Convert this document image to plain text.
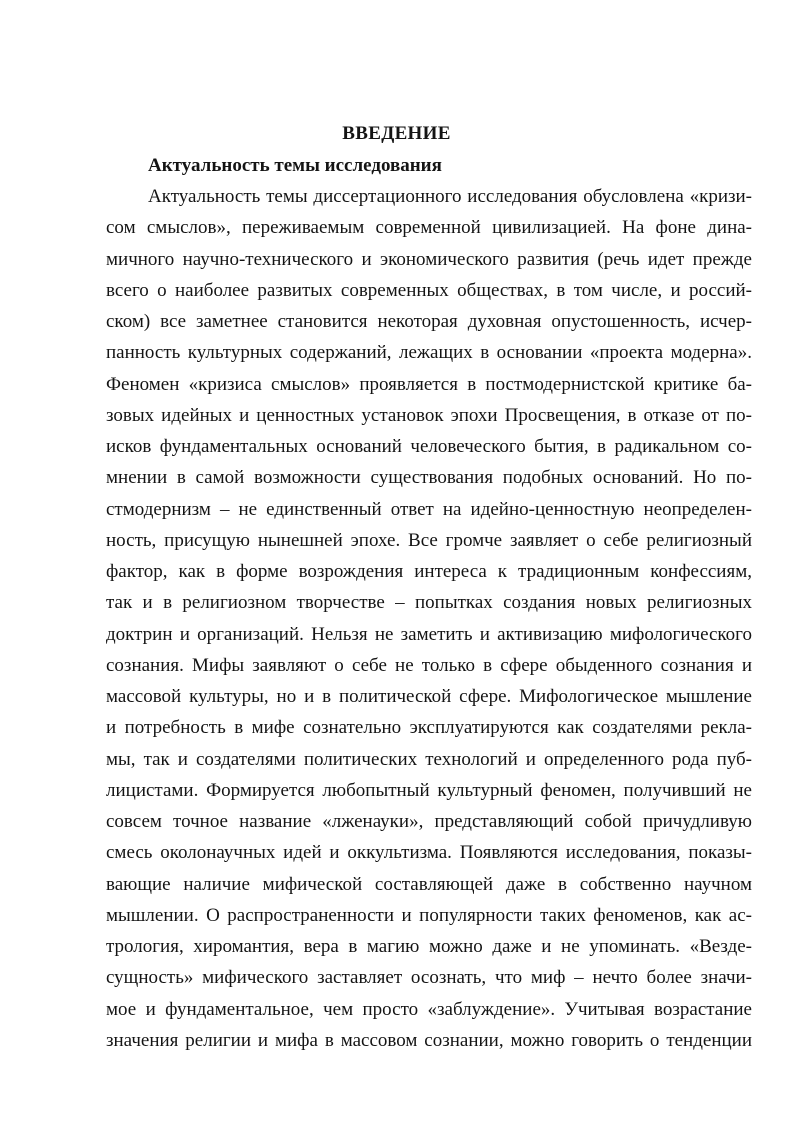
ВВЕДЕНИЕ
Актуальность темы исследования
Актуальность темы диссертационного исследования обусловлена «кризи-
сом смыслов», переживаемым современной цивилизацией. На фоне дина-
мичного научно-технического и экономического развития (речь идет прежде
всего о наиболее развитых современных обществах, в том числе, и россий-
ском) все заметнее становится некоторая духовная опустошенность, исчер-
панность культурных содержаний, лежащих в основании «проекта модерна».
Феномен «кризиса смыслов» проявляется в постмодернистской критике ба-
зовых идейных и ценностных установок эпохи Просвещения, в отказе от по-
исков фундаментальных оснований человеческого бытия, в радикальном со-
мнении в самой возможности существования подобных оснований. Но по-
стмодернизм – не единственный ответ на идейно-ценностную неопределен-
ность, присущую нынешней эпохе. Все громче заявляет о себе религиозный
фактор, как в форме возрождения интереса к традиционным конфессиям,
так и в религиозном творчестве – попытках создания новых религиозных
доктрин и организаций. Нельзя не заметить и активизацию мифологического
сознания. Мифы заявляют о себе не только в сфере обыденного сознания и
массовой культуры, но и в политической сфере. Мифологическое мышление
и потребность в мифе сознательно эксплуатируются как создателями рекла-
мы, так и создателями политических технологий и определенного рода пуб-
лицистами. Формируется любопытный культурный феномен, получивший не
совсем точное название «лженауки», представляющий собой причудливую
смесь околонаучных идей и оккультизма. Появляются исследования, показы-
вающие наличие мифической составляющей даже в собственно научном
мышлении. О распространенности и популярности таких феноменов, как ас-
трология, хиромантия, вера в магию можно даже и не упоминать. «Везде-
сущность» мифического заставляет осознать, что миф – нечто более значи-
мое и фундаментальное, чем просто «заблуждение». Учитывая возрастание
значения религии и мифа в массовом сознании, можно говорить о тенденции
